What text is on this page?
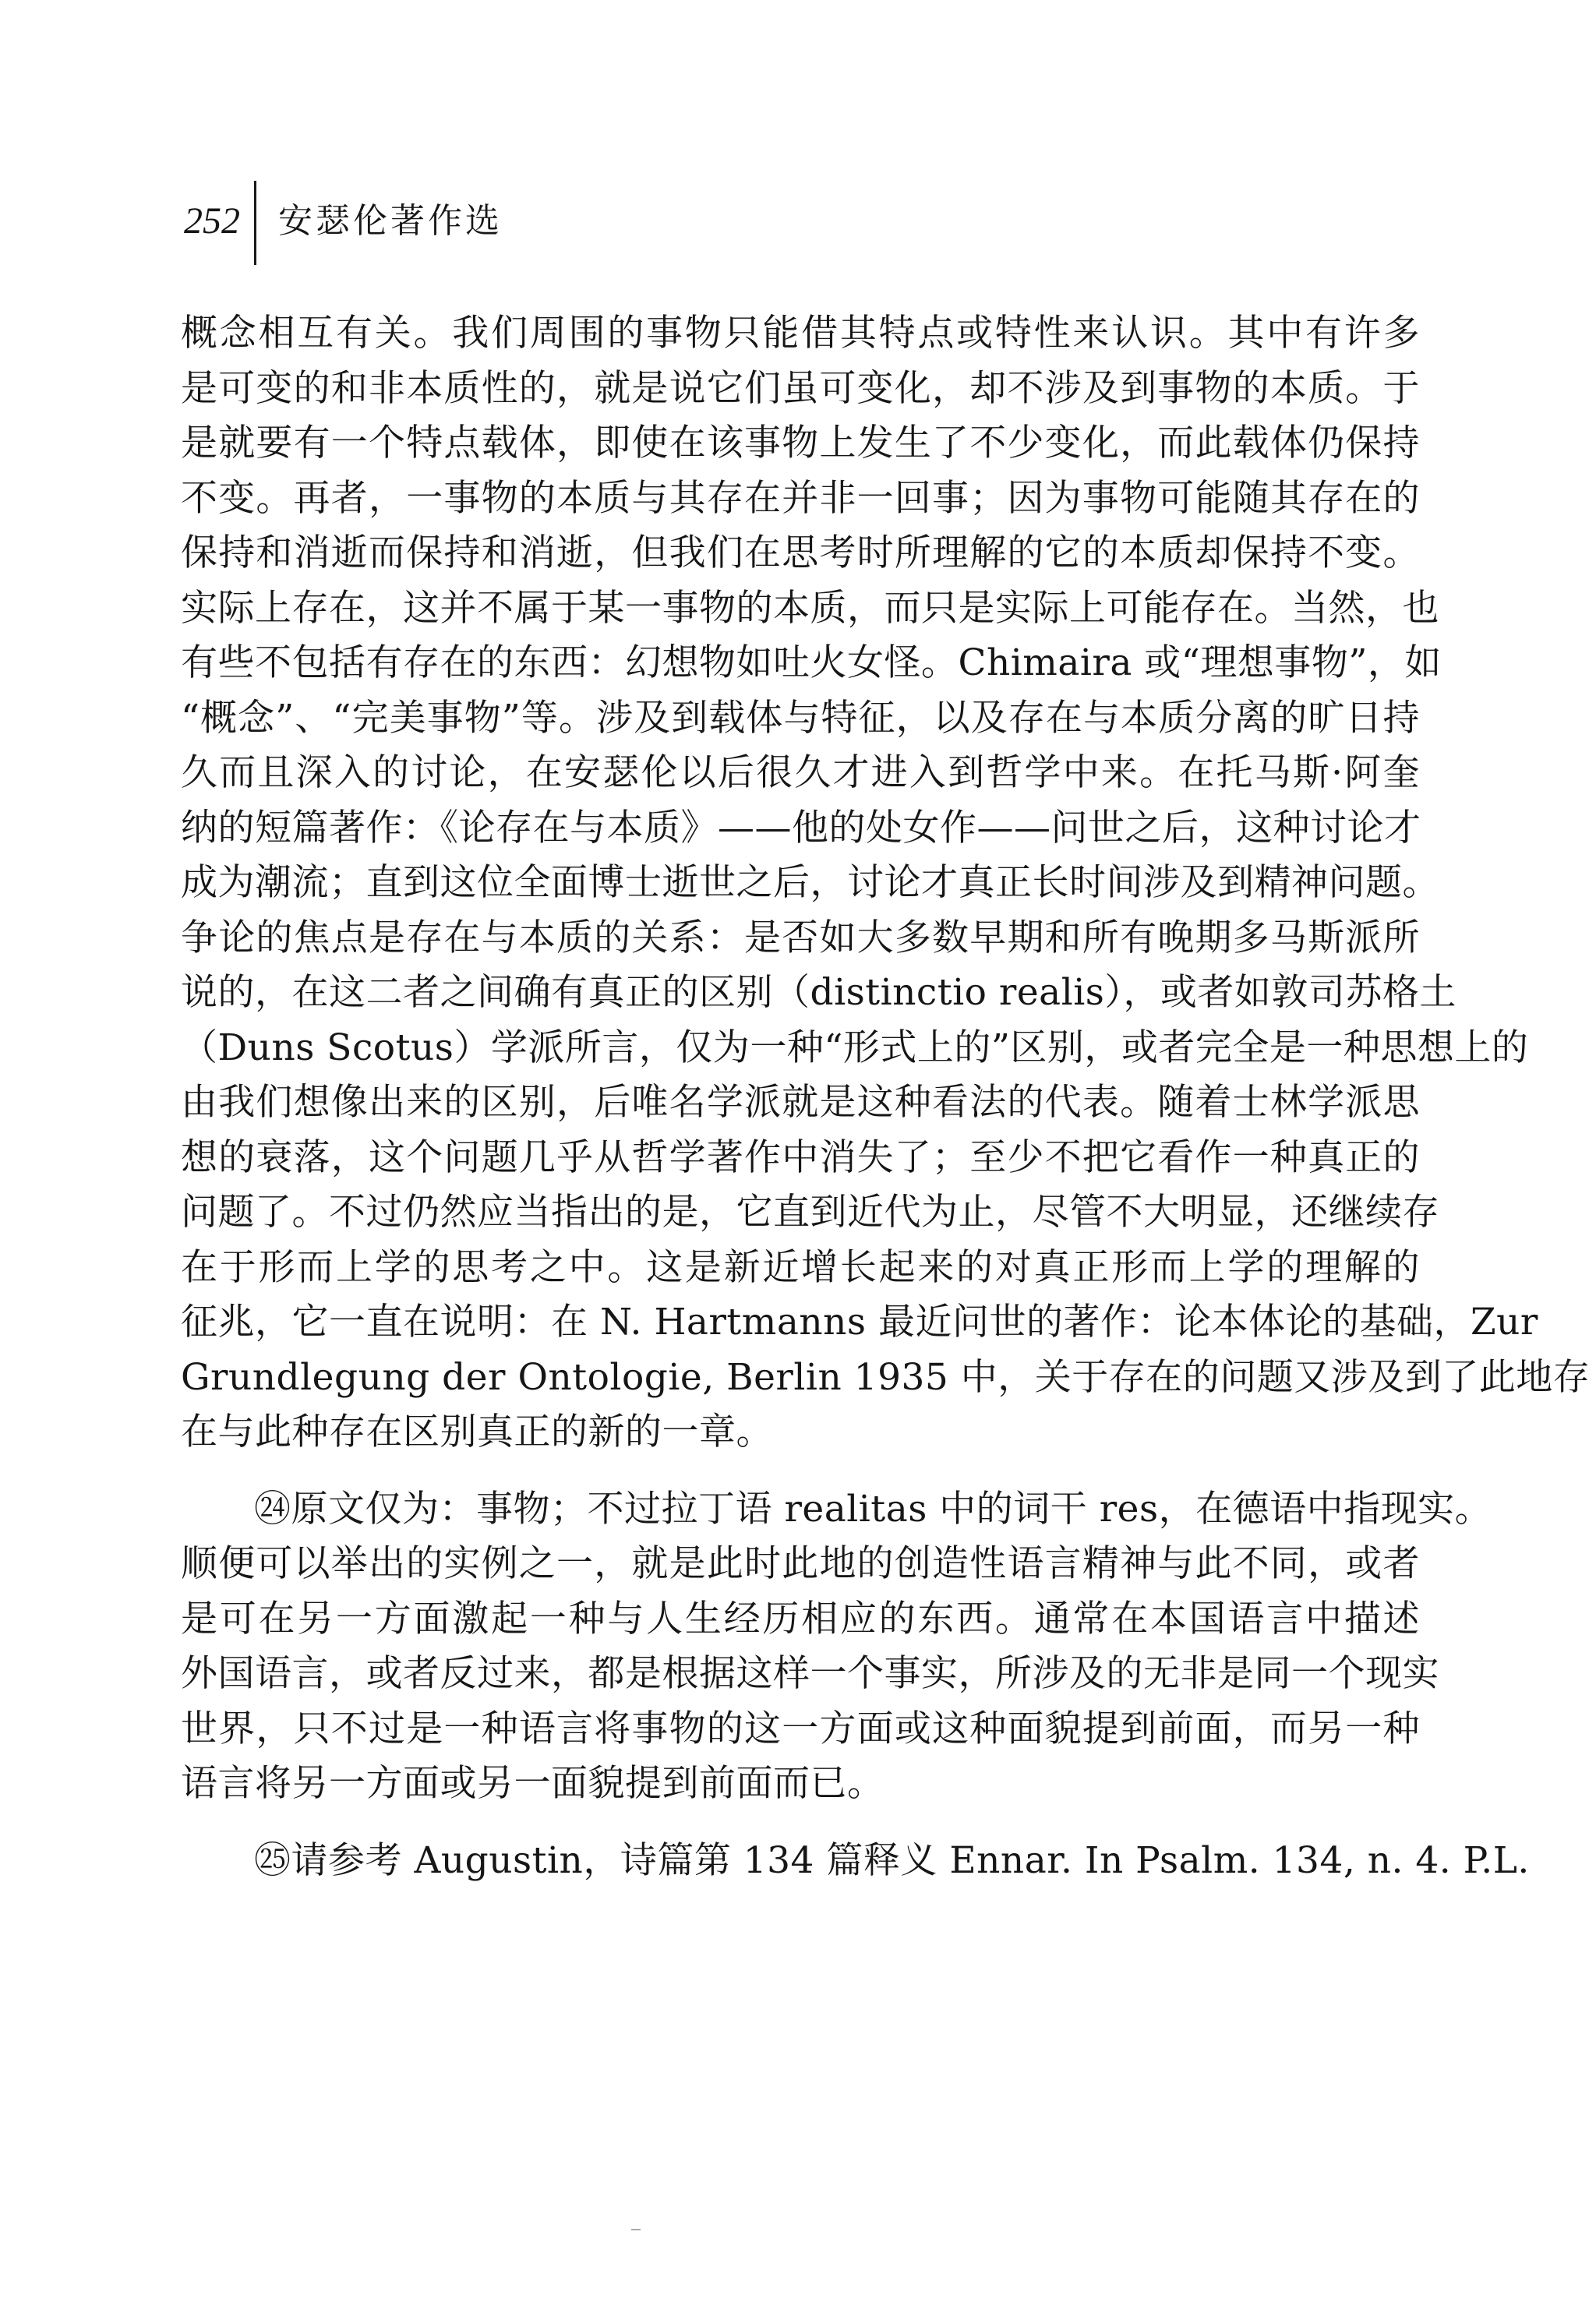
252	安瑟伦著作选

概念相互有关。我们周围的事物只能借其特点或特性来认识。其中有许多
是可变的和非本质性的，就是说它们虽可变化，却不涉及到事物的本质。于
是就要有一个特点载体，即使在该事物上发生了不少变化，而此载体仍保持
不变。再者，一事物的本质与其存在并非一回事；因为事物可能随其存在的
保持和消逝而保持和消逝，但我们在思考时所理解的它的本质却保持不变。
实际上存在，这并不属于某一事物的本质，而只是实际上可能存在。当然，也
有些不包括有存在的东西：幻想物如吐火女怪。Chimaira 或“理想事物”，如
“概念”、“完美事物”等。涉及到载体与特征，以及存在与本质分离的旷日持
久而且深入的讨论，在安瑟伦以后很久才进入到哲学中来。在托马斯·阿奎
纳的短篇著作：《论存在与本质》——他的处女作——问世之后，这种讨论才
成为潮流；直到这位全面博士逝世之后，讨论才真正长时间涉及到精神问题。
争论的焦点是存在与本质的关系：是否如大多数早期和所有晚期多马斯派所
说的，在这二者之间确有真正的区别（distinctio realis），或者如敦司苏格土
（Duns Scotus）学派所言，仅为一种“形式上的”区别，或者完全是一种思想上的
由我们想像出来的区别，后唯名学派就是这种看法的代表。随着士林学派思
想的衰落，这个问题几乎从哲学著作中消失了；至少不把它看作一种真正的
问题了。不过仍然应当指出的是，它直到近代为止，尽管不大明显，还继续存
在于形而上学的思考之中。这是新近增长起来的对真正形而上学的理解的
征兆，它一直在说明：在 N. Hartmanns 最近问世的著作：论本体论的基础，Zur
Grundlegung der Ontologie, Berlin 1935 中，关于存在的问题又涉及到了此地存
在与此种存在区别真正的新的一章。

㉔原文仅为：事物；不过拉丁语 realitas 中的词干 res，在德语中指现实。
顺便可以举出的实例之一，就是此时此地的创造性语言精神与此不同，或者
是可在另一方面激起一种与人生经历相应的东西。通常在本国语言中描述
外国语言，或者反过来，都是根据这样一个事实，所涉及的无非是同一个现实
世界，只不过是一种语言将事物的这一方面或这种面貌提到前面，而另一种
语言将另一方面或另一面貌提到前面而已。

㉕请参考 Augustin，诗篇第 134 篇释义 Ennar. In Psalm. 134, n. 4. P.L.
